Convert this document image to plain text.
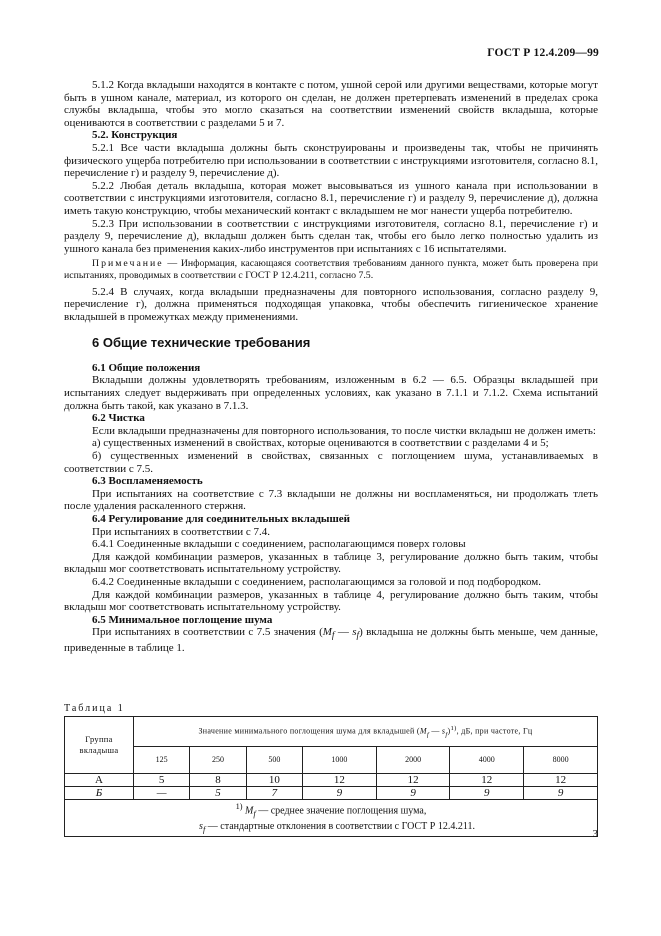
ГОСТ Р 12.4.209—99

5.1.2 Когда вкладыши находятся в контакте с потом, ушной серой или другими веществами, которые могут быть в ушном канале, материал, из которого он сделан, не должен претерпевать изменений в пределах срока службы вкладыша, чтобы это могло сказаться на соответствии изменений свойств вкладыша, которые оцениваются в соответствии с разделами 5 и 7.

5.2. Конструкция

5.2.1 Все части вкладыша должны быть сконструированы и произведены так, чтобы не причинять физического ущерба потребителю при использовании в соответствии с инструкциями изготовителя, согласно 8.1, перечисление г) и разделу 9, перечисление д).

5.2.2 Любая деталь вкладыша, которая может высовываться из ушного канала при использовании в соответствии с инструкциями изготовителя, согласно 8.1, перечисление г) и разделу 9, перечисление д), должна иметь такую конструкцию, чтобы механический контакт с вкладышем не мог нанести ущерба потребителю.

5.2.3 При использовании в соответствии с инструкциями изготовителя, согласно 8.1, перечисление г) и разделу 9, перечисление д), вкладыш должен быть сделан так, чтобы его было легко полностью удалить из ушного канала без применения каких-либо инструментов при испытаниях с 16 испытателями.

Примечание — Информация, касающаяся соответствия требованиям данного пункта, может быть проверена при испытаниях, проводимых в соответствии с ГОСТ Р 12.4.211, согласно 7.5.

5.2.4 В случаях, когда вкладыши предназначены для повторного использования, согласно разделу 9, перечисление г), должна применяться подходящая упаковка, чтобы обеспечить гигиеническое хранение вкладышей в промежутках между применениями.

6 Общие технические требования

6.1 Общие положения

Вкладыши должны удовлетворять требованиям, изложенным в 6.2 — 6.5. Образцы вкладышей при испытаниях следует выдерживать при определенных условиях, как указано в 7.1.1 и 7.1.2. Схема испытаний должна быть такой, как указано в 7.1.3.

6.2 Чистка

Если вкладыши предназначены для повторного использования, то после чистки вкладыш не должен иметь:

а) существенных изменений в свойствах, которые оцениваются в соответствии с разделами 4 и 5;

б) существенных изменений в свойствах, связанных с поглощением шума, устанавливаемых в соответствии с 7.5.

6.3 Воспламеняемость

При испытаниях на соответствие с 7.3 вкладыши не должны ни воспламеняться, ни продолжать тлеть после удаления раскаленного стержня.

6.4 Регулирование для соединительных вкладышей

При испытаниях в соответствии с 7.4.

6.4.1 Соединенные вкладыши с соединением, располагающимся поверх головы

Для каждой комбинации размеров, указанных в таблице 3, регулирование должно быть таким, чтобы вкладыш мог соответствовать испытательному устройству.

6.4.2 Соединенные вкладыши с соединением, располагающимся за головой и под подбородком.

Для каждой комбинации размеров, указанных в таблице 4, регулирование должно быть таким, чтобы вкладыш мог соответствовать испытательному устройству.

6.5 Минимальное поглощение шума

При испытаниях в соответствии с 7.5 значения ($M_f$ — $s_f$) вкладыша не должны быть меньше, чем данные, приведенные в таблице 1.

Таблица 1
Группа вкладыша	Значение минимального поглощения шума для вкладышей ($M_f$ — $s_f)^{1)}$, дБ, при частоте, Гц						
	125	250	500	1000	2000	4000	8000
А	5	8	10	12	12	12	12
Б	—	5	7	9	9	9	9

$^{1)}$ $M_f$ — среднее значение поглощения шума,
$s_f$ — стандартные отклонения в соответствии с ГОСТ Р 12.4.211.							
3
